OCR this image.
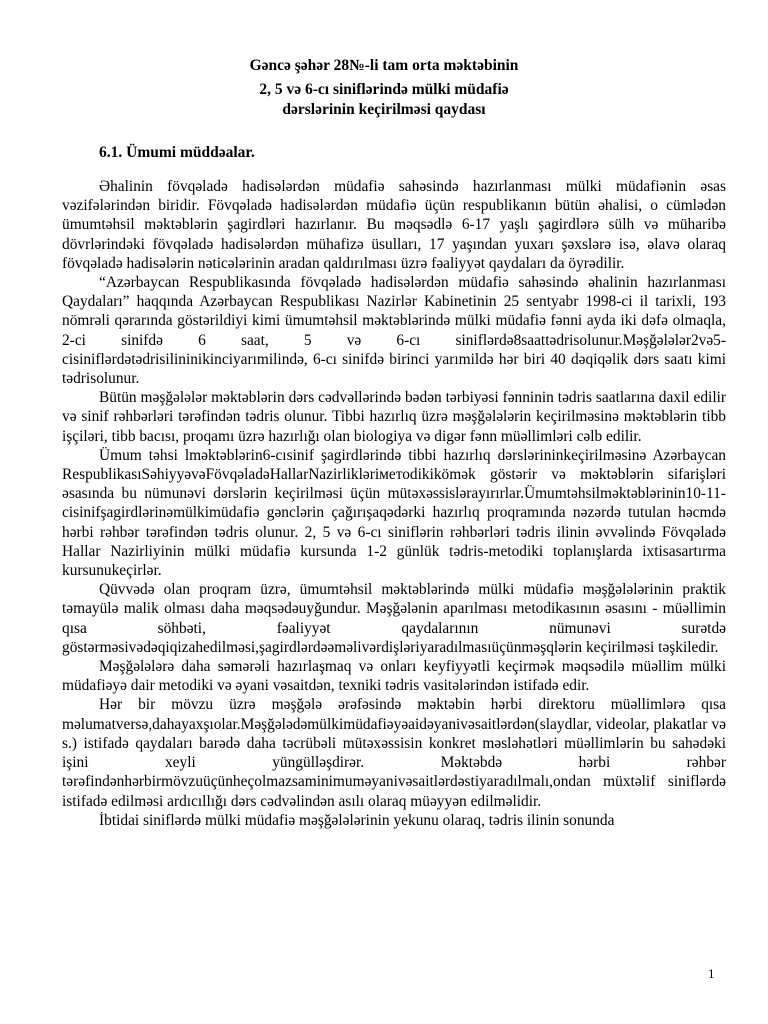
Gəncə şəhər 28№-li tam orta məktəbinin
2, 5 və 6-cı siniflərində mülki müdafiə
dərslərinin keçirilməsi qaydası
6.1. Ümumi müddəalar.

Əhalinin fövqəladə hadisələrdən müdafiə sahəsində hazırlanması mülki müdafiənin əsas vəzifələrindən biridir. Fövqəladə hadisələrdən müdafiə üçün respublikanın bütün əhalisi, o cümlədən ümumtəhsil məktəblərin şagirdləri hazırlanır. Bu məqsədlə 6-17 yaşlı şagirdlərə sülh və müharibə dövrlərindəki fövqəladə hadisələrdən mühafizə üsulları, 17 yaşından yuxarı şəxslərə isə, əlavə olaraq fövqəladə hadisələrin nəticələrinin aradan qaldırılması üzrə fəaliyyət qaydaları da öyrədilir.

“Azərbaycan Respublikasında fövqəladə hadisələrdən müdafiə sahəsində əhalinin hazırlanması Qaydaları” haqqında Azərbaycan Respublikası Nazirlər Kabinetinin 25 sentyabr 1998-ci il tarixli, 193 nömrəli qərarında göstərildiyi kimi ümumtəhsil məktəblərində mülki müdafiə fənni ayda iki dəfə olmaqla, 2-ci sinifdə 6 saat, 5 və 6-cı siniflərdə8saattədrisolunur.Məşğələlər2və5-cisiniflərdətədrisilininikinciyarımilində, 6-cı sinifdə birinci yarımildə hər biri 40 dəqiqəlik dərs saatı kimi tədrisolunur.

Bütün məşğələlər məktəblərin dərs cədvəllərində bədən tərbiyəsi fənninin tədris saatlarına daxil edilir və sinif rəhbərləri tərəfindən tədris olunur. Tibbi hazırlıq üzrə məşğələlərin keçirilməsinə məktəblərin tibb işçiləri, tibb bacısı, proqamı üzrə hazırlığı olan biologiya və digər fənn müəllimləri cəlb edilir.

Ümum təhsi lməktəblərin6-cısinif şagirdlərində tibbi hazırlıq dərslərininkeçirilməsinə Azərbaycan RespublikasıSəhiyyəvəFövqəladəHallarNazirlikləriметоdikikömək göstərir və məktəblərin sifarişləri əsasında bu nümunəvi dərslərin keçirilməsi üçün mütəxəssislərayırırlar.Ümumtəhsilməktəblərinin10-11-cisinifşagirdlərinəmülkimüdafiə gənclərin çağırışaqədərki hazırlıq proqramında nəzərdə tutulan həcmdə hərbi rəhbər tərəfindən tədris olunur. 2, 5 və 6-cı siniflərin rəhbərləri tədris ilinin əvvəlində Fövqəladə Hallar Nazirliyinin mülki müdafiə kursunda 1-2 günlük tədris-metodiki toplanışlarda ixtisasartırma kursunukeçirlər.

Qüvvədə olan proqram üzrə, ümumtəhsil məktəblərində mülki müdafiə məşğələlərinin praktik təmayülə malik olması daha məqsədəuyğundur. Məşğələnin aparılması metodikasının əsasını - müəllimin qısa söhbəti, fəaliyyət qaydalarının nümunəvi surətdə göstərməsivədəqiqizahedilməsi,şagirdlərdəəməlivərdişləriyaradılmasıüçünməşqlərin keçirilməsi təşkiledir.

Məşğələlərə daha səmərəli hazırlaşmaq və onları keyfiyyətli keçirmək məqsədilə müəllim mülki müdafiəyə dair metodiki və əyani vəsaitdən, texniki tədris vasitələrindən istifadə edir.

Hər bir mövzu üzrə məşğələ ərəfəsində məktəbin hərbi direktoru müəllimlərə qısa məlumatversə,dahayaxşıolar.Məşğələdəmülkimüdafiəyəaidəyanivəsaitlərdən(slaydlar, videolar, plakatlar və s.) istifadə qaydaları barədə daha təcrübəli mütəxəssisin konkret məsləhətləri müəllimlərin bu sahədəki işini xeyli yüngülləşdirər. Məktəbdə hərbi rəhbər tərəfindənhərbirmövzuüçünheçolmazsaminimuməyanivəsaitlərdəstiyaradılmalı,ondan müxtəlif siniflərdə istifadə edilməsi ardıcıllığı dərs cədvəlindən asılı olaraq müəyyən edilməlidir.

İbtidai siniflərdə mülki müdafiə məşğələlərinin yekunu olaraq, tədris ilinin sonunda

1
